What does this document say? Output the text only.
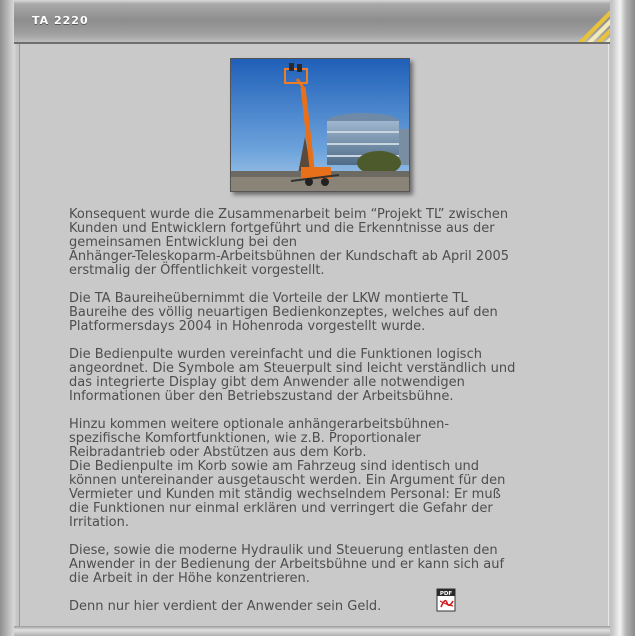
TA 2220

Konsequent wurde die Zusammenarbeit beim “Projekt TL” zwischen
Kunden und Entwicklern fortgeführt und die Erkenntnisse aus der
gemeinsamen Entwicklung bei den
Anhänger-Teleskoparm-Arbeitsbühnen der Kundschaft ab April 2005
erstmalig der Öffentlichkeit vorgestellt.

Die TA Baureiheübernimmt die Vorteile der LKW montierte TL
Baureihe des völlig neuartigen Bedienkonzeptes, welches auf den
Platformersdays 2004 in Hohenroda vorgestellt wurde.

Die Bedienpulte wurden vereinfacht und die Funktionen logisch
angeordnet. Die Symbole am Steuerpult sind leicht verständlich und
das integrierte Display gibt dem Anwender alle notwendigen
Informationen über den Betriebszustand der Arbeitsbühne.

Hinzu kommen weitere optionale anhängerarbeitsbühnen-
spezifische Komfortfunktionen, wie z.B. Proportionaler
Reibradantrieb oder Abstützen aus dem Korb.
Die Bedienpulte im Korb sowie am Fahrzeug sind identisch und
können untereinander ausgetauscht werden. Ein Argument für den
Vermieter und Kunden mit ständig wechselndem Personal: Er muß
die Funktionen nur einmal erklären und verringert die Gefahr der
Irritation.

Diese, sowie die moderne Hydraulik und Steuerung entlasten den
Anwender in der Bedienung der Arbeitsbühne und er kann sich auf
die Arbeit in der Höhe konzentrieren.

Denn nur hier verdient der Anwender sein Geld.

PDF
